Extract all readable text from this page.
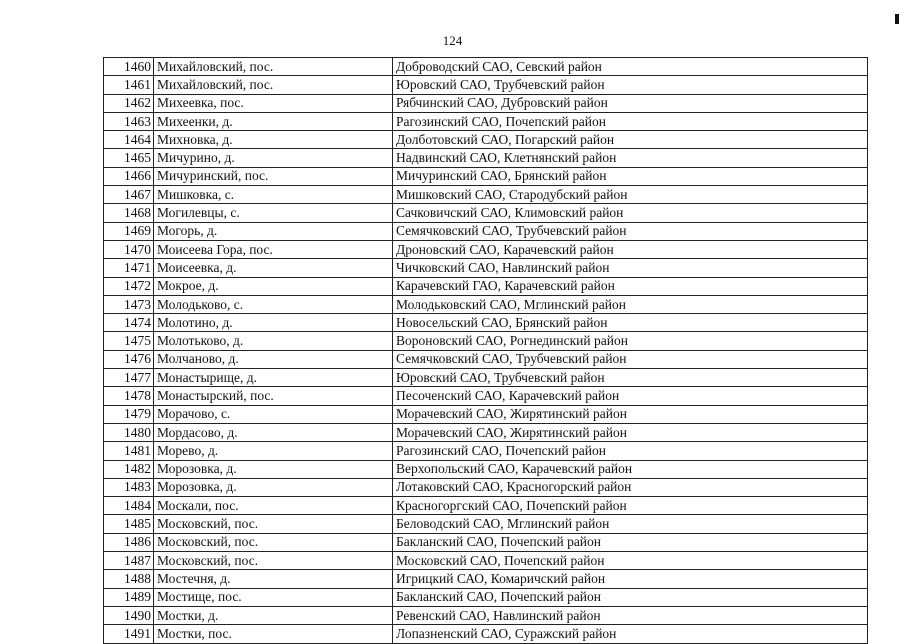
124
1460	Михайловский, пос.	Доброводский САО, Севский район
1461	Михайловский, пос.	Юровский САО, Трубчевский район
1462	Михеевка, пос.	Рябчинский САО, Дубровский район
1463	Михеенки, д.	Рагозинский САО, Почепский район
1464	Михновка, д.	Долботовский САО, Погарский район
1465	Мичурино, д.	Надвинский САО, Клетнянский район
1466	Мичуринский, пос.	Мичуринский САО, Брянский район
1467	Мишковка, с.	Мишковский САО, Стародубский район
1468	Могилевцы, с.	Сачковичский САО, Климовский район
1469	Могорь, д.	Семячковский САО, Трубчевский район
1470	Моисеева Гора, пос.	Дроновский САО, Карачевский район
1471	Моисеевка, д.	Чичковский САО, Навлинский район
1472	Мокрое, д.	Карачевский ГАО, Карачевский район
1473	Молодьково, с.	Молодьковский САО, Мглинский район
1474	Молотино, д.	Новосельский САО, Брянский район
1475	Молотьково, д.	Вороновский САО, Рогнединский район
1476	Молчаново, д.	Семячковский САО, Трубчевский район
1477	Монастырище, д.	Юровский САО, Трубчевский район
1478	Монастырский, пос.	Песоченский САО, Карачевский район
1479	Морачово, с.	Морачевский САО, Жирятинский район
1480	Мордасово, д.	Морачевский САО, Жирятинский район
1481	Морево, д.	Рагозинский САО, Почепский район
1482	Морозовка, д.	Верхопольский САО, Карачевский район
1483	Морозовка, д.	Лотаковский САО, Красногорский район
1484	Москали, пос.	Красногоргский САО, Почепский район
1485	Московский, пос.	Беловодский САО, Мглинский район
1486	Московский, пос.	Бакланский САО, Почепский район
1487	Московский, пос.	Московский САО, Почепский район
1488	Мостечня, д.	Игрицкий САО, Комаричский район
1489	Мостище, пос.	Бакланский САО, Почепский район
1490	Мостки, д.	Ревенский САО, Навлинский район
1491	Мостки, пос.	Лопазненский САО, Суражский район
